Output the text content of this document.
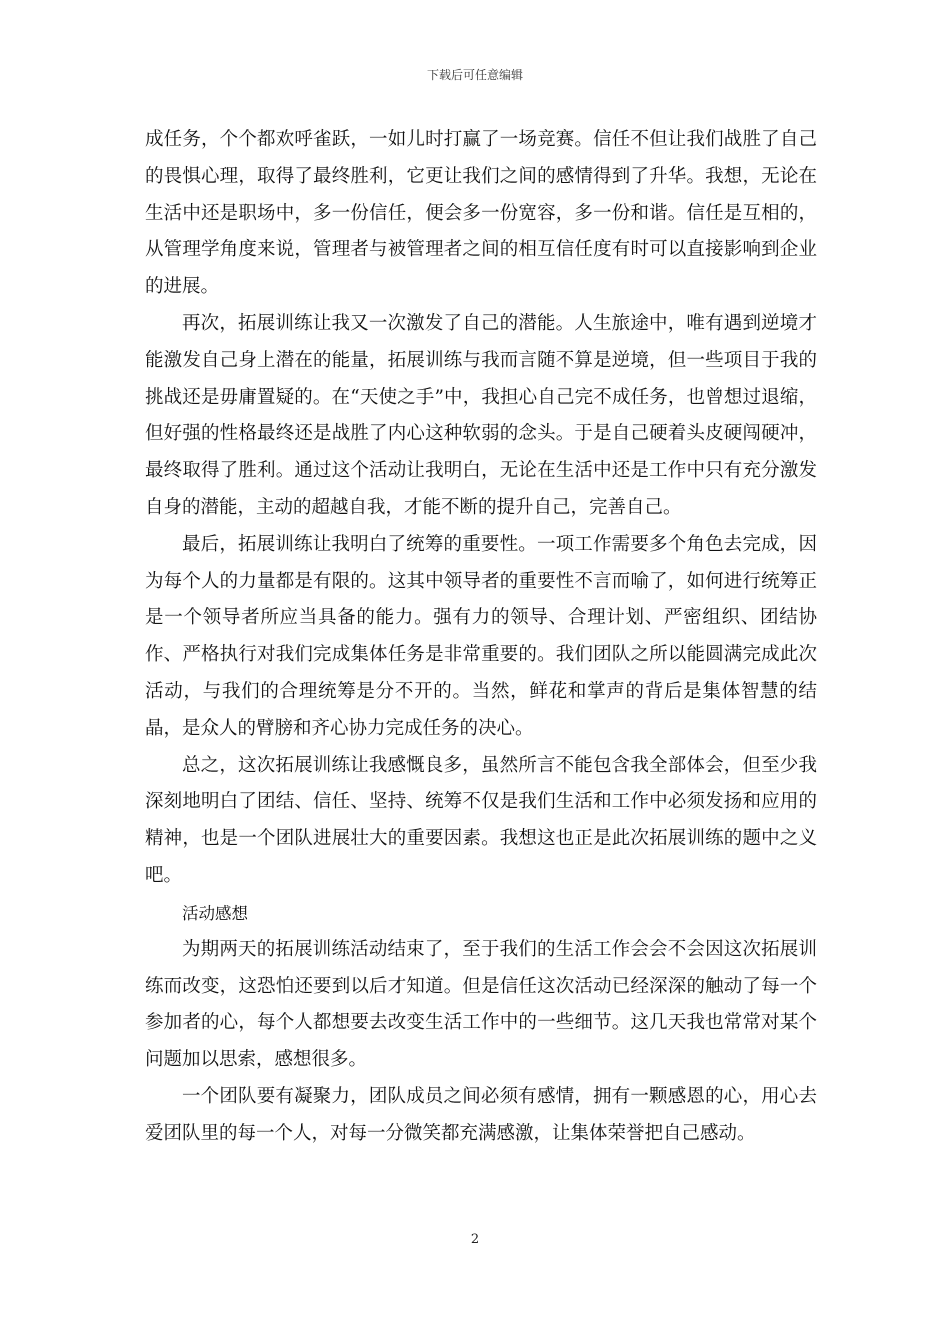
下载后可任意编辑

成任务，个个都欢呼雀跃，一如儿时打赢了一场竞赛。信任不但让我们战胜了自己的畏惧心理，取得了最终胜利，它更让我们之间的感情得到了升华。我想，无论在生活中还是职场中，多一份信任，便会多一份宽容，多一份和谐。信任是互相的，从管理学角度来说，管理者与被管理者之间的相互信任度有时可以直接影响到企业的进展。

再次，拓展训练让我又一次激发了自己的潜能。人生旅途中，唯有遇到逆境才能激发自己身上潜在的能量，拓展训练与我而言随不算是逆境，但一些项目于我的挑战还是毋庸置疑的。在“天使之手”中，我担心自己完不成任务，也曾想过退缩，但好强的性格最终还是战胜了内心这种软弱的念头。于是自己硬着头皮硬闯硬冲，最终取得了胜利。通过这个活动让我明白，无论在生活中还是工作中只有充分激发自身的潜能，主动的超越自我，才能不断的提升自己，完善自己。

最后，拓展训练让我明白了统筹的重要性。一项工作需要多个角色去完成，因为每个人的力量都是有限的。这其中领导者的重要性不言而喻了，如何进行统筹正是一个领导者所应当具备的能力。强有力的领导、合理计划、严密组织、团结协作、严格执行对我们完成集体任务是非常重要的。我们团队之所以能圆满完成此次活动，与我们的合理统筹是分不开的。当然，鲜花和掌声的背后是集体智慧的结晶，是众人的臂膀和齐心协力完成任务的决心。

总之，这次拓展训练让我感慨良多，虽然所言不能包含我全部体会，但至少我深刻地明白了团结、信任、坚持、统筹不仅是我们生活和工作中必须发扬和应用的精神，也是一个团队进展壮大的重要因素。我想这也正是此次拓展训练的题中之义吧。

活动感想

为期两天的拓展训练活动结束了，至于我们的生活工作会会不会因这次拓展训练而改变，这恐怕还要到以后才知道。但是信任这次活动已经深深的触动了每一个参加者的心，每个人都想要去改变生活工作中的一些细节。这几天我也常常对某个问题加以思索，感想很多。

一个团队要有凝聚力，团队成员之间必须有感情，拥有一颗感恩的心，用心去爱团队里的每一个人，对每一分微笑都充满感激，让集体荣誉把自己感动。

2
